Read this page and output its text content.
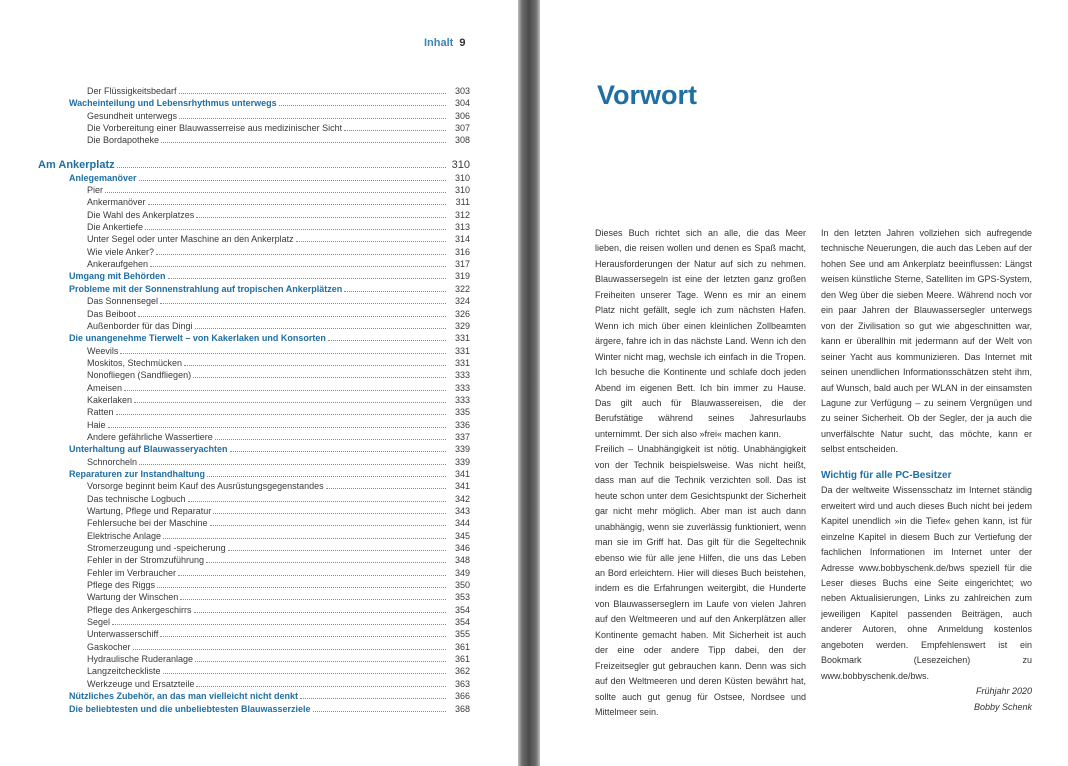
Inhalt 9
Der Flüssigkeitsbedarf	303
Wacheinteilung und Lebensrhythmus unterwegs	304
Gesundheit unterwegs	306
Die Vorbereitung einer Blauwasserreise aus medizinischer Sicht	307
Die Bordapotheke	308
Am Ankerplatz	310
Anlegemanöver	310
Pier	310
Ankermanöver	311
Die Wahl des Ankerplatzes	312
Die Ankertiefe	313
Unter Segel oder unter Maschine an den Ankerplatz	314
Wie viele Anker?	316
Ankeraufgehen	317
Umgang mit Behörden	319
Probleme mit der Sonnenstrahlung auf tropischen Ankerplätzen	322
Das Sonnensegel	324
Das Beiboot	326
Außenborder für das Dingi	329
Die unangenehme Tierwelt – von Kakerlaken und Konsorten	331
Weevils	331
Moskitos, Stechmücken	331
Nonofliegen (Sandfliegen)	333
Ameisen	333
Kakerlaken	333
Ratten	335
Haie	336
Andere gefährliche Wassertiere	337
Unterhaltung auf Blauwasseryachten	339
Schnorcheln	339
Reparaturen zur Instandhaltung	341
Vorsorge beginnt beim Kauf des Ausrüstungsgegenstandes	341
Das technische Logbuch	342
Wartung, Pflege und Reparatur	343
Fehlersuche bei der Maschine	344
Elektrische Anlage	345
Stromerzeugung und -speicherung	346
Fehler in der Stromzuführung	348
Fehler im Verbraucher	349
Pflege des Riggs	350
Wartung der Winschen	353
Pflege des Ankergeschirrs	354
Segel	354
Unterwasserschiff	355
Gaskocher	361
Hydraulische Ruderanlage	361
Langzeitcheckliste	362
Werkzeuge und Ersatzteile	363
Nützliches Zubehör, an das man vielleicht nicht denkt	366
Die beliebtesten und die unbeliebtesten Blauwasserziele	368
Vorwort

Dieses Buch richtet sich an alle, die das Meer lieben, die reisen wollen und denen es Spaß macht, Herausforderungen der Natur auf sich zu nehmen. Blauwassersegeln ist eine der letzten ganz großen Freiheiten unserer Tage. Wenn es mir an einem Platz nicht gefällt, segle ich zum nächsten Hafen. Wenn ich mich über einen kleinlichen Zollbeamten ärgere, fahre ich in das nächste Land. Wenn ich den Winter nicht mag, wechsle ich einfach in die Tropen. Ich besuche die Kontinente und schlafe doch jeden Abend im eigenen Bett. Ich bin immer zu Hause. Das gilt auch für Blauwassereisen, die der Berufstätige während seines Jahresurlaubs unternimmt. Der sich also »frei« machen kann.

Freilich – Unabhängigkeit ist nötig. Unabhängigkeit von der Technik beispielsweise. Was nicht heißt, dass man auf die Technik verzichten soll. Das ist heute schon unter dem Gesichtspunkt der Sicherheit gar nicht mehr möglich. Aber man ist auch dann unabhängig, wenn sie zuverlässig funktioniert, wenn man sie im Griff hat. Das gilt für die Segeltechnik ebenso wie für alle jene Hilfen, die uns das Leben an Bord erleichtern. Hier will dieses Buch beistehen, indem es die Erfahrungen weitergibt, die Hunderte von Blauwasserseglern im Laufe von vielen Jahren auf den Weltmeeren und auf den Ankerplätzen aller Kontinente gemacht haben. Mit Sicherheit ist auch der eine oder andere Tipp dabei, den der Freizeitsegler gut gebrauchen kann. Denn was sich auf den Weltmeeren und deren Küsten bewährt hat, sollte auch gut genug für Ostsee, Nordsee und Mittelmeer sein.

In den letzten Jahren vollziehen sich aufregende technische Neuerungen, die auch das Leben auf der hohen See und am Ankerplatz beeinflussen: Längst weisen künstliche Sterne, Satelliten im GPS-System, den Weg über die sieben Meere. Während noch vor ein paar Jahren der Blauwassersegler unterwegs von der Zivilisation so gut wie abgeschnitten war, kann er überallhin mit jedermann auf der Welt von seiner Yacht aus kommunizieren. Das Internet mit seinen unendlichen Informationsschätzen steht ihm, auf Wunsch, bald auch per WLAN in der einsamsten Lagune zur Verfügung – zu seinem Vergnügen und zu seiner Sicherheit. Ob der Segler, der ja auch die unverfälschte Natur sucht, das möchte, kann er selbst entscheiden.

Wichtig für alle PC-Besitzer

Da der weltweite Wissensschatz im Internet ständig erweitert wird und auch dieses Buch nicht bei jedem Kapitel unendlich »in die Tiefe« gehen kann, ist für einzelne Kapitel in diesem Buch zur Vertiefung der fachlichen Informationen im Internet unter der Adresse www.bobbyschenk.de/bws speziell für die Leser dieses Buchs eine Seite eingerichtet; wo neben Aktualisierungen, Links zu zahlreichen zum jeweiligen Kapitel passenden Beiträgen, auch anderer Autoren, ohne Anmeldung kostenlos angeboten werden. Empfehlenswert ist ein Bookmark (Lesezeichen) zu www.bobbyschenk.de/bws.

Frühjahr 2020

Bobby Schenk
